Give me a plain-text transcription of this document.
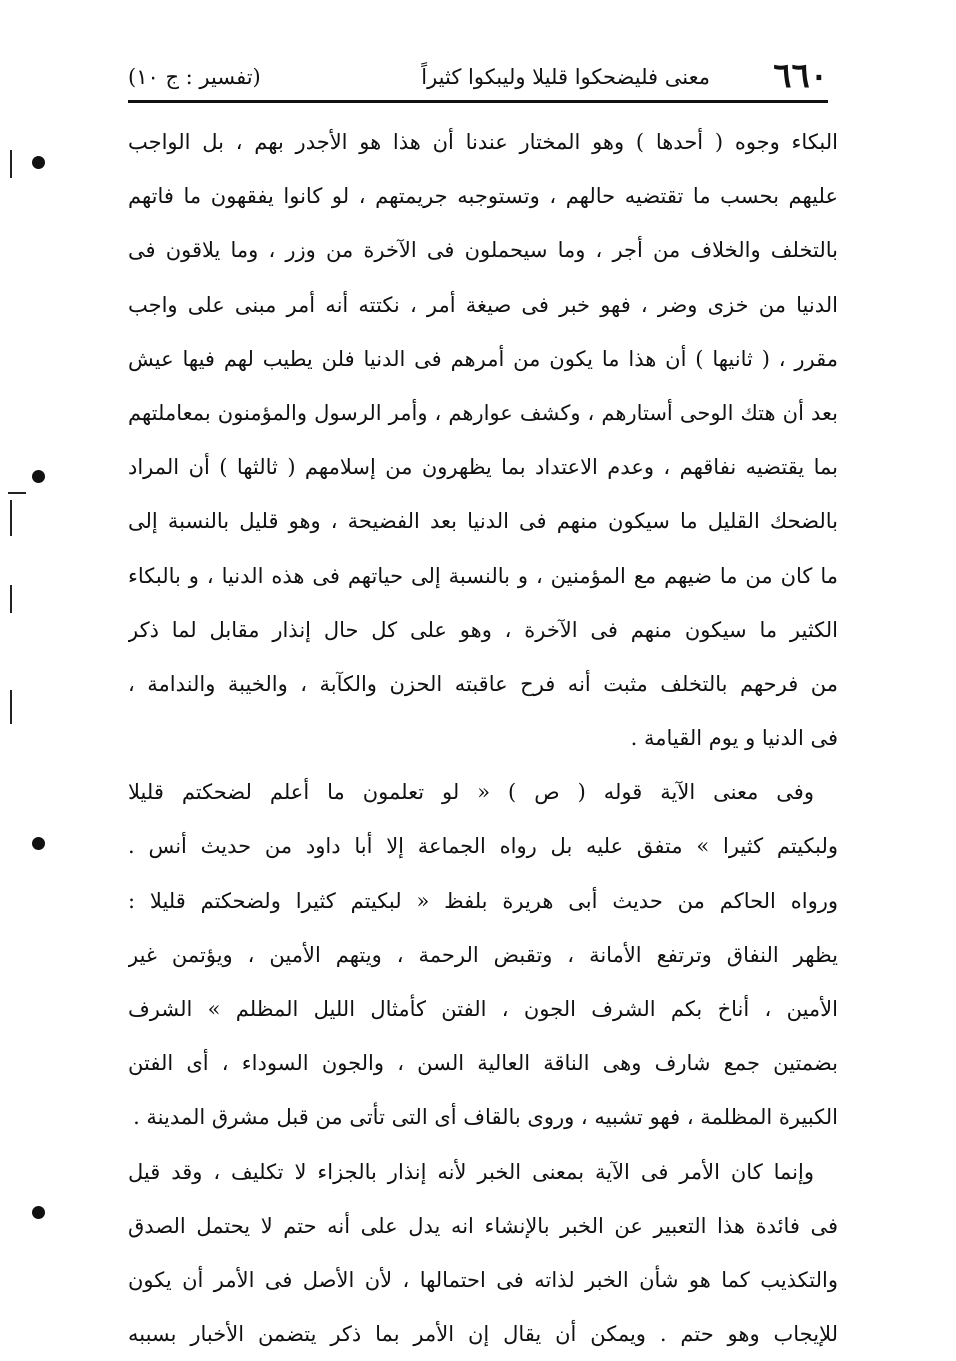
٦٦٠
معنى فليضحكوا قليلا وليبكوا كثيراً
(تفسير : ج ١٠)

البكاء وجوه ( أحدها ) وهو المختار عندنا أن هذا هو الأجدر بهم ، بل الواجب
عليهم بحسب ما تقتضيه حالهم ، وتستوجبه جريمتهم ، لو كانوا يفقهون ما فاتهم
بالتخلف والخلاف من أجر ، وما سيحملون فى الآخرة من وزر ، وما يلاقون فى
الدنيا من خزى وضر ، فهو خبر فى صيغة أمر ، نكتته أنه أمر مبنى على واجب
مقرر ، ( ثانيها ) أن هذا ما يكون من أمرهم فى الدنيا فلن يطيب لهم فيها عيش
بعد أن هتك الوحى أستارهم ، وكشف عوارهم ، وأمر الرسول والمؤمنون بمعاملتهم
بما يقتضيه نفاقهم ، وعدم الاعتداد بما يظهرون من إسلامهم ( ثالثها ) أن المراد
بالضحك القليل ما سيكون منهم فى الدنيا بعد الفضيحة ، وهو قليل بالنسبة إلى
ما كان من ما ضيهم مع المؤمنين ، و بالنسبة إلى حياتهم فى هذه الدنيا ، و بالبكاء
الكثير ما سيكون منهم فى الآخرة ، وهو على كل حال إنذار مقابل لما ذكر
من فرحهم بالتخلف مثبت أنه فرح عاقبته الحزن والكآبة ، والخيبة والندامة ،
فى الدنيا و يوم القيامة .

وفى معنى الآية قوله ( ص ) « لو تعلمون ما أعلم لضحكتم قليلا
ولبكيتم كثيرا » متفق عليه بل رواه الجماعة إلا أبا داود من حديث أنس .
ورواه الحاكم من حديث أبى هريرة بلفظ « لبكيتم كثيرا ولضحكتم قليلا :
يظهر النفاق وترتفع الأمانة ، وتقبض الرحمة ، ويتهم الأمين ، ويؤتمن غير
الأمين ، أناخ بكم الشرف الجون ، الفتن كأمثال الليل المظلم » الشرف
بضمتين جمع شارف وهى الناقة العالية السن ، والجون السوداء ، أى الفتن
الكبيرة المظلمة ، فهو تشبيه ، وروى بالقاف أى التى تأتى من قبل مشرق المدينة .

وإنما كان الأمر فى الآية بمعنى الخبر لأنه إنذار بالجزاء لا تكليف ، وقد قيل
فى فائدة هذا التعبير عن الخبر بالإنشاء انه يدل على أنه حتم لا يحتمل الصدق
والتكذيب كما هو شأن الخبر لذاته فى احتمالها ، لأن الأصل فى الأمر أن يكون
للإيجاب وهو حتم . ويمكن أن يقال إن الأمر بما ذكر يتضمن الأخبار بسببه
